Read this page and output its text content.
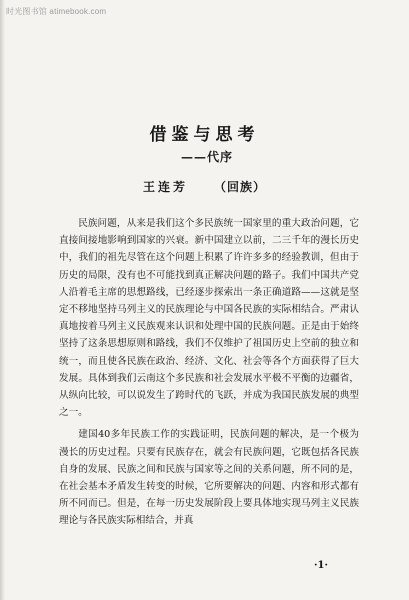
时光图书馆 atimebook.com
借鉴与思考
——代序
王连芳 （回族）

民族问题，从来是我们这个多民族统一国家里的重大政治问题，它直接间接地影响到国家的兴衰。新中国建立以前，二三千年的漫长历史中，我们的祖先尽管在这个问题上积累了许许多多的经验教训，但由于历史的局限，没有也不可能找到真正解决问题的路子。我们中国共产党人沿着毛主席的思想路线，已经逐步探索出一条正确道路——这就是坚定不移地坚持马列主义的民族理论与中国各民族的实际相结合。严肃认真地按着马列主义民族观来认识和处理中国的民族问题。正是由于始终坚持了这条思想原则和路线，我们不仅维护了祖国历史上空前的独立和统一，而且使各民族在政治、经济、文化、社会等各个方面获得了巨大发展。具体到我们云南这个多民族和社会发展水平极不平衡的边疆省，从纵向比较，可以说发生了跨时代的飞跃，并成为我国民族发展的典型之一。

建国40多年民族工作的实践证明，民族问题的解决，是一个极为漫长的历史过程。只要有民族存在，就会有民族问题，它既包括各民族自身的发展、民族之间和民族与国家等之间的关系问题，所不同的是，在社会基本矛盾发生转变的时候，它所要解决的问题、内容和形式都有所不同而已。但是，在每一历史发展阶段上要具体地实现马列主义民族理论与各民族实际相结合，并真

·1·
